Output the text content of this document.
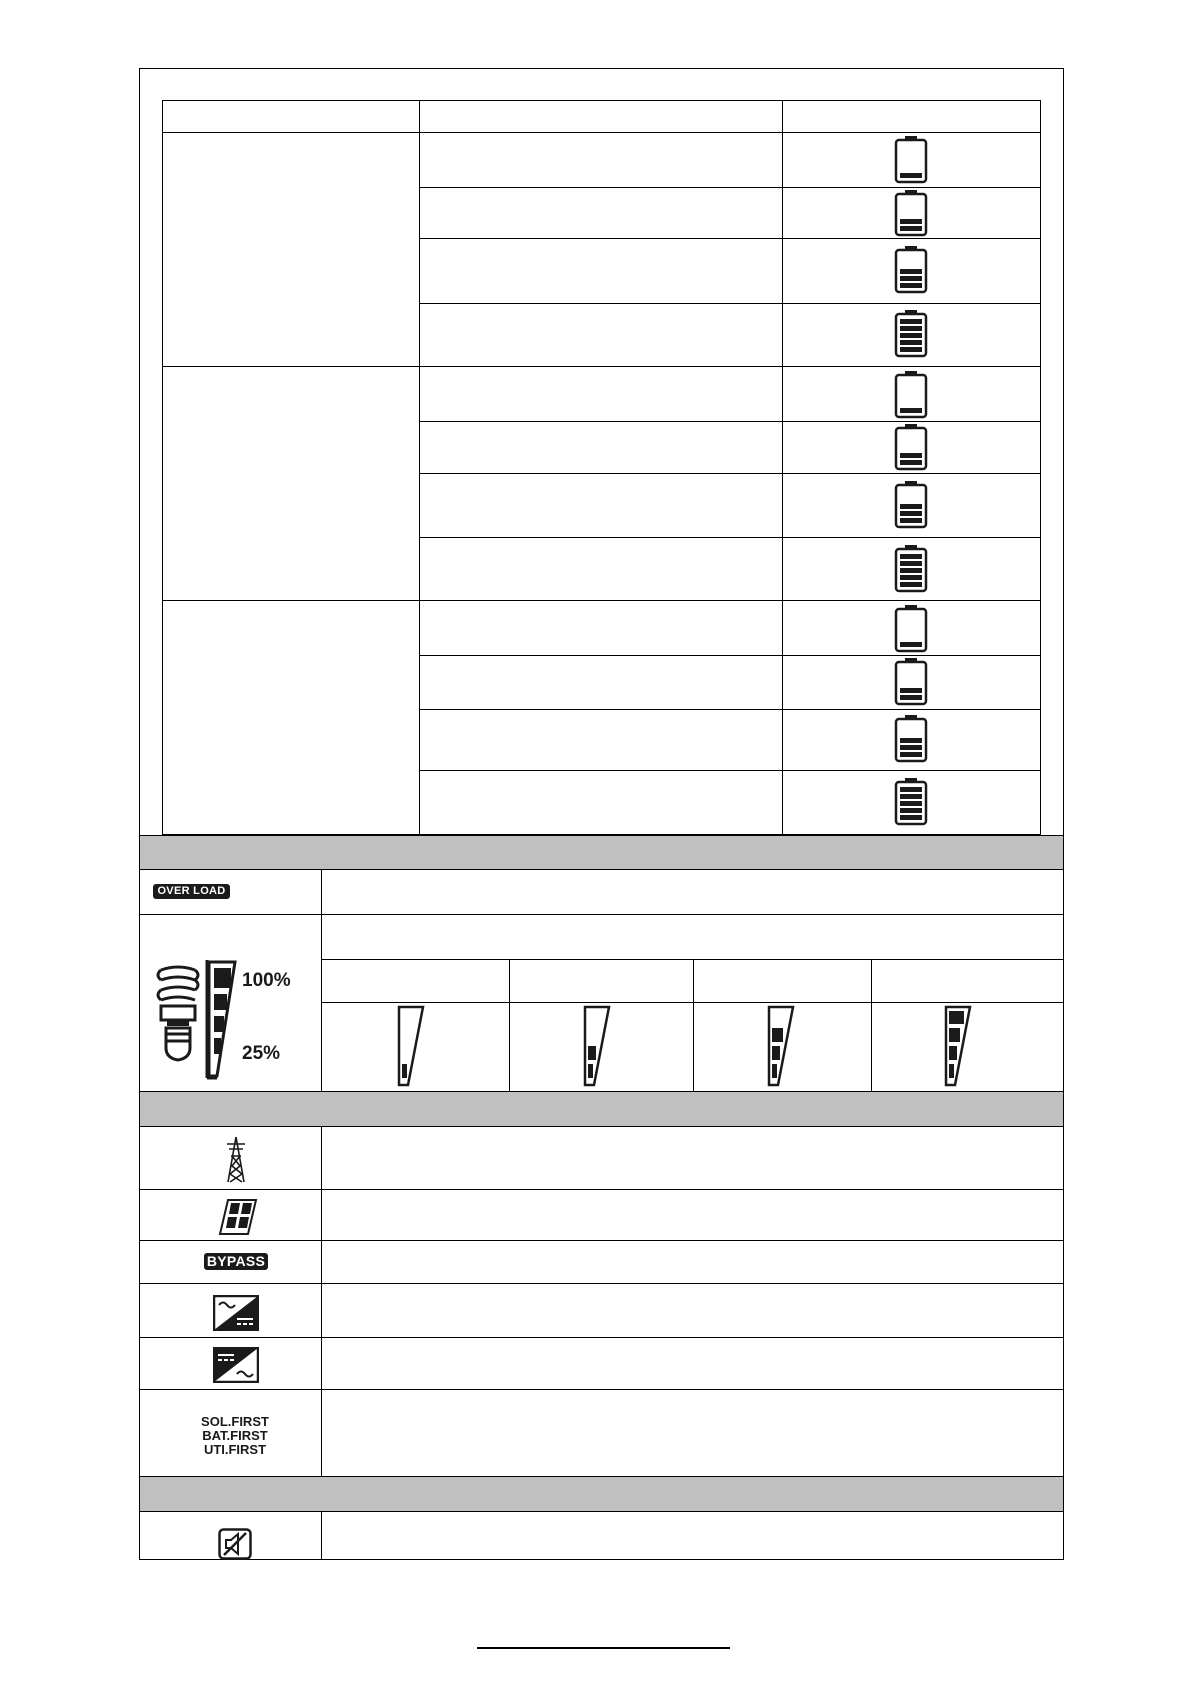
OVER LOAD
100%
25%
BYPASS
SOL.FIRST
BAT.FIRST
UTI.FIRST
